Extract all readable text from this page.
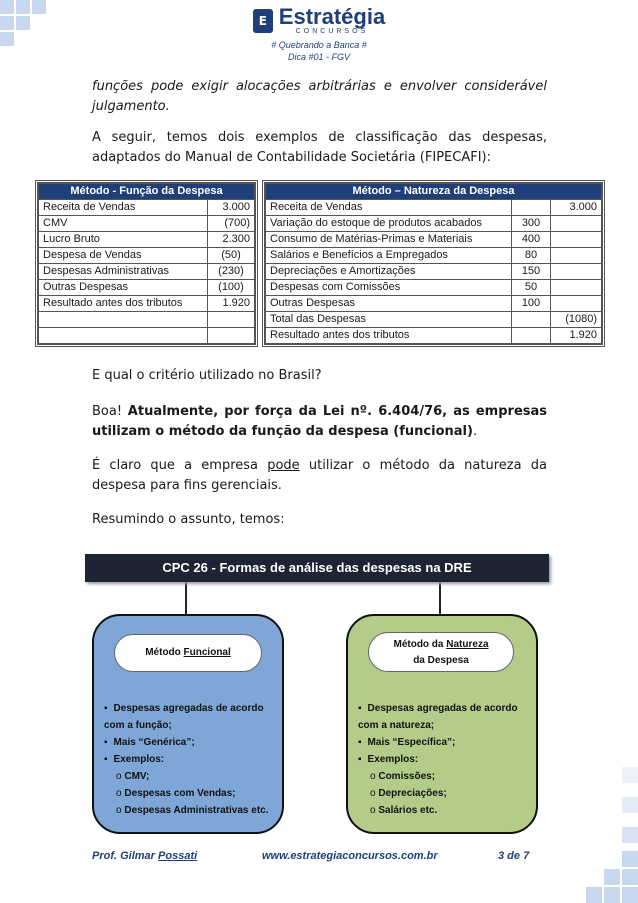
E Estratégia
CONCURSOS
# Quebrando a Banca #
Dica #01 - FGV

funções pode exigir alocações arbitrárias e envolver considerável julgamento.

A seguir, temos dois exemplos de classificação das despesas, adaptados do Manual de Contabilidade Societária (FIPECAFI):

Método - Função da Despesa	
Receita de Vendas	3.000
CMV	(700)
Lucro Bruto	2.300
Despesa de Vendas	(50)
Despesas Administrativas	(230)
Outras Despesas	(100)
Resultado antes dos tributos	1.920

Método – Natureza da Despesa		
Receita de Vendas		3.000
Variação do estoque de produtos acabados	300	
Consumo de Matérias-Primas e Materiais	400	
Salários e Benefícios a Empregados	80	
Depreciações e Amortizações	150	
Despesas com Comissões	50	
Outras Despesas	100	
Total das Despesas		(1080)
Resultado antes dos tributos		1.920

E qual o critério utilizado no Brasil?

Boa! Atualmente, por força da Lei nº. 6.404/76, as empresas utilizam o método da função da despesa (funcional).

É claro que a empresa pode utilizar o método da natureza da despesa para fins gerenciais.

Resumindo o assunto, temos:

CPC 26 - Formas de análise das despesas na DRE
Método Funcional
▪ Despesas agregadas de acordo com a função;
▪ Mais “Genérica”;
▪ Exemplos:
o CMV;
o Despesas com Vendas;
o Despesas Administrativas etc.
Método da Natureza
da Despesa
▪ Despesas agregadas de acordo com a natureza;
▪ Mais “Específica”;
▪ Exemplos:
o Comissões;
o Depreciações;
o Salários etc.
Prof. Gilmar Possati	www.estrategiaconcursos.com.br	3 de 7
